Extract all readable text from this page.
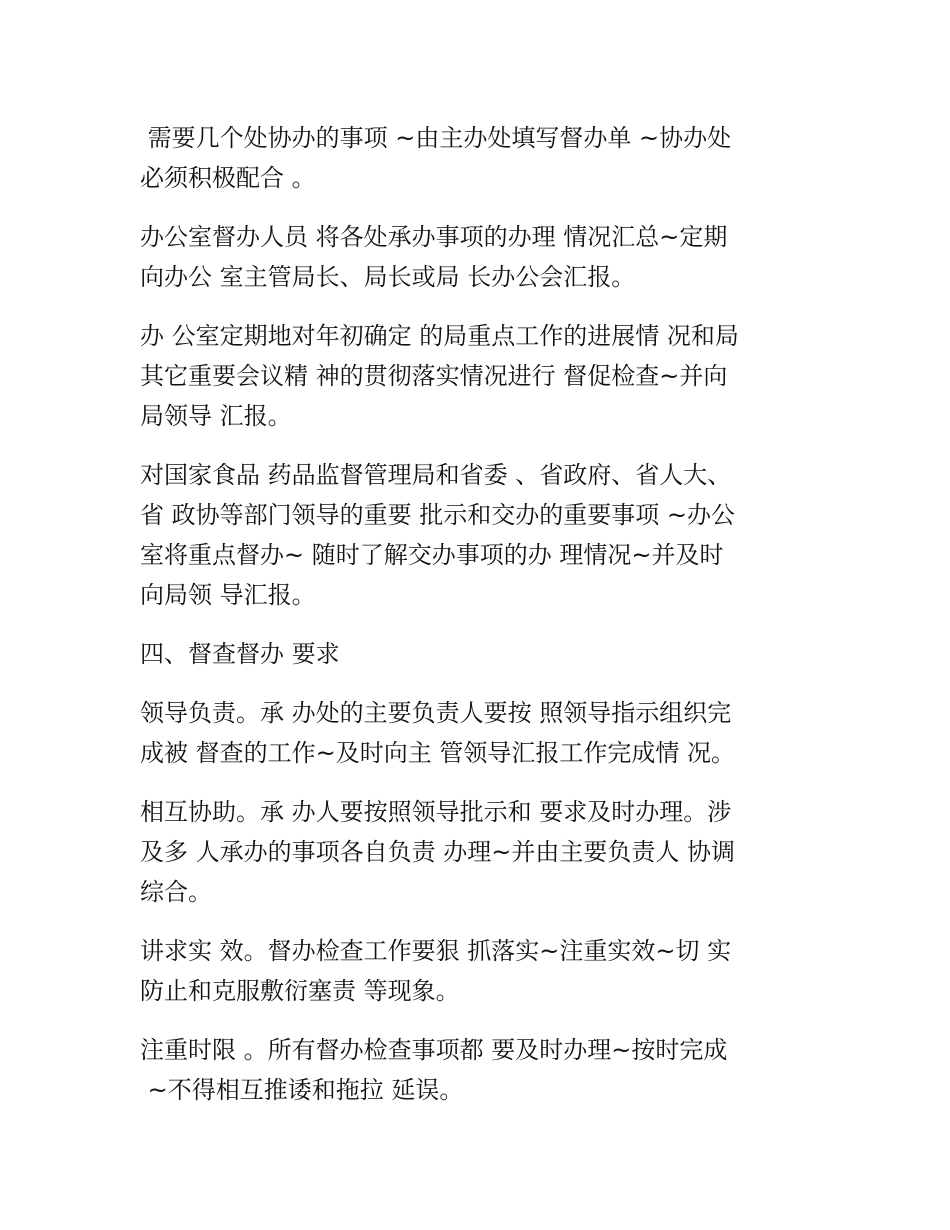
需要几个处协办的事项 ~由主办处填写督办单 ~协办处
必须积极配合 。

办公室督办人员 将各处承办事项的办理 情况汇总~定期
向办公 室主管局长、局长或局 长办公会汇报。

办 公室定期地对年初确定 的局重点工作的进展情 况和局
其它重要会议精 神的贯彻落实情况进行 督促检查~并向
局领导 汇报。

对国家食品 药品监督管理局和省委 、省政府、省人大、
省 政协等部门领导的重要 批示和交办的重要事项 ~办公
室将重点督办~ 随时了解交办事项的办 理情况~并及时
向局领 导汇报。

四、督查督办 要求

领导负责。承 办处的主要负责人要按 照领导指示组织完
成被 督查的工作~及时向主 管领导汇报工作完成情 况。

相互协助。承 办人要按照领导批示和 要求及时办理。涉
及多 人承办的事项各自负责 办理~并由主要负责人 协调
综合。

讲求实 效。督办检查工作要狠 抓落实~注重实效~切 实
防止和克服敷衍塞责 等现象。

注重时限 。所有督办检查事项都 要及时办理~按时完成
~不得相互推诿和拖拉 延误。
